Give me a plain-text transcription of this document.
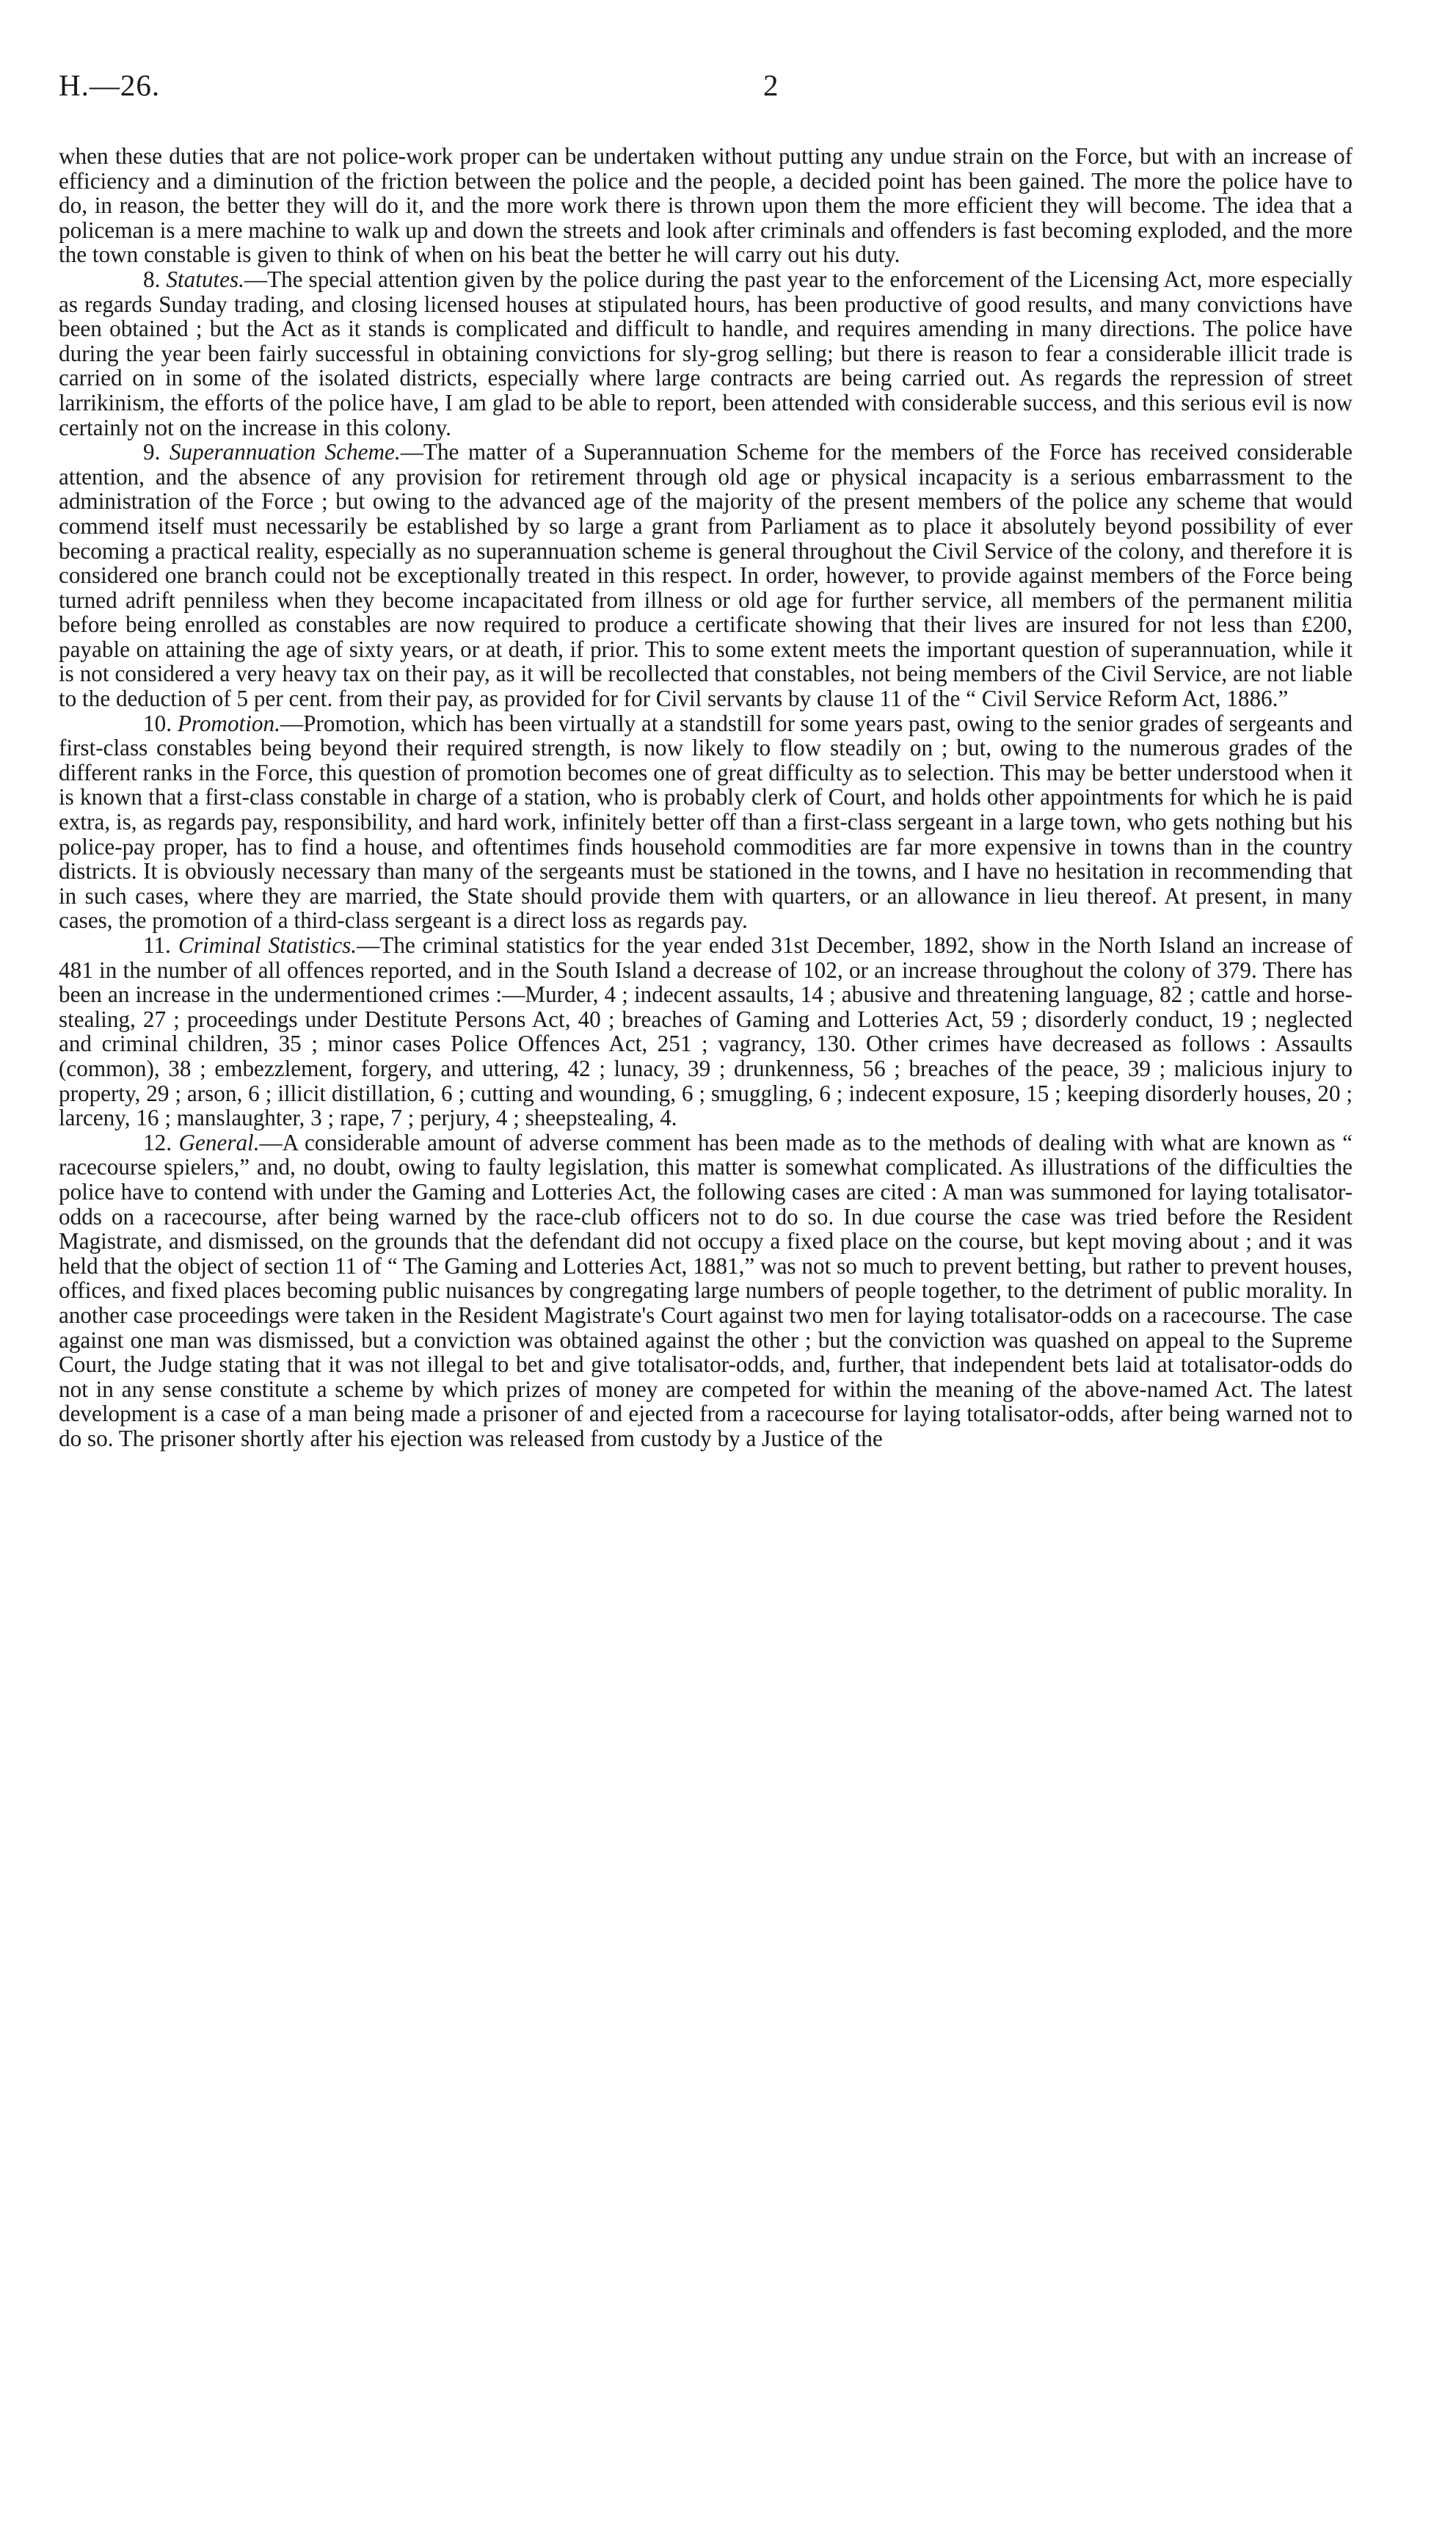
H.—26.	2

when these duties that are not police-work proper can be undertaken without putting any undue strain on the Force, but with an increase of efficiency and a diminution of the friction between the police and the people, a decided point has been gained. The more the police have to do, in reason, the better they will do it, and the more work there is thrown upon them the more efficient they will become. The idea that a policeman is a mere machine to walk up and down the streets and look after criminals and offenders is fast becoming exploded, and the more the town constable is given to think of when on his beat the better he will carry out his duty.

8. Statutes.—The special attention given by the police during the past year to the enforcement of the Licensing Act, more especially as regards Sunday trading, and closing licensed houses at stipulated hours, has been productive of good results, and many convictions have been obtained ; but the Act as it stands is complicated and difficult to handle, and requires amending in many directions. The police have during the year been fairly successful in obtaining convictions for sly-grog selling; but there is reason to fear a considerable illicit trade is carried on in some of the isolated districts, especially where large contracts are being carried out. As regards the repression of street larrikinism, the efforts of the police have, I am glad to be able to report, been attended with considerable success, and this serious evil is now certainly not on the increase in this colony.

9. Superannuation Scheme.—The matter of a Superannuation Scheme for the members of the Force has received considerable attention, and the absence of any provision for retirement through old age or physical incapacity is a serious embarrassment to the administration of the Force ; but owing to the advanced age of the majority of the present members of the police any scheme that would commend itself must necessarily be established by so large a grant from Parliament as to place it absolutely beyond possibility of ever becoming a practical reality, especially as no superannuation scheme is general throughout the Civil Service of the colony, and therefore it is considered one branch could not be exceptionally treated in this respect. In order, however, to provide against members of the Force being turned adrift penniless when they become incapacitated from illness or old age for further service, all members of the permanent militia before being enrolled as constables are now required to produce a certificate showing that their lives are insured for not less than £200, payable on attaining the age of sixty years, or at death, if prior. This to some extent meets the important question of superannuation, while it is not considered a very heavy tax on their pay, as it will be recollected that constables, not being members of the Civil Service, are not liable to the deduction of 5 per cent. from their pay, as provided for for Civil servants by clause 11 of the “ Civil Service Reform Act, 1886.”

10. Promotion.—Promotion, which has been virtually at a standstill for some years past, owing to the senior grades of sergeants and first-class constables being beyond their required strength, is now likely to flow steadily on ; but, owing to the numerous grades of the different ranks in the Force, this question of promotion becomes one of great difficulty as to selection. This may be better understood when it is known that a first-class constable in charge of a station, who is probably clerk of Court, and holds other appointments for which he is paid extra, is, as regards pay, responsibility, and hard work, infinitely better off than a first-class sergeant in a large town, who gets nothing but his police-pay proper, has to find a house, and oftentimes finds household commodities are far more expensive in towns than in the country districts. It is obviously necessary than many of the sergeants must be stationed in the towns, and I have no hesitation in recommending that in such cases, where they are married, the State should provide them with quarters, or an allowance in lieu thereof. At present, in many cases, the promotion of a third-class sergeant is a direct loss as regards pay.

11. Criminal Statistics.—The criminal statistics for the year ended 31st December, 1892, show in the North Island an increase of 481 in the number of all offences reported, and in the South Island a decrease of 102, or an increase throughout the colony of 379. There has been an increase in the undermentioned crimes :—Murder, 4 ; indecent assaults, 14 ; abusive and threatening language, 82 ; cattle and horse-stealing, 27 ; proceedings under Destitute Persons Act, 40 ; breaches of Gaming and Lotteries Act, 59 ; disorderly conduct, 19 ; neglected and criminal children, 35 ; minor cases Police Offences Act, 251 ; vagrancy, 130. Other crimes have decreased as follows : Assaults (common), 38 ; embezzlement, forgery, and uttering, 42 ; lunacy, 39 ; drunkenness, 56 ; breaches of the peace, 39 ; malicious injury to property, 29 ; arson, 6 ; illicit distillation, 6 ; cutting and wounding, 6 ; smuggling, 6 ; indecent exposure, 15 ; keeping disorderly houses, 20 ; larceny, 16 ; manslaughter, 3 ; rape, 7 ; perjury, 4 ; sheepstealing, 4.

12. General.—A considerable amount of adverse comment has been made as to the methods of dealing with what are known as “ racecourse spielers,” and, no doubt, owing to faulty legislation, this matter is somewhat complicated. As illustrations of the difficulties the police have to contend with under the Gaming and Lotteries Act, the following cases are cited : A man was summoned for laying totalisator-odds on a racecourse, after being warned by the race-club officers not to do so. In due course the case was tried before the Resident Magistrate, and dismissed, on the grounds that the defendant did not occupy a fixed place on the course, but kept moving about ; and it was held that the object of section 11 of “ The Gaming and Lotteries Act, 1881,” was not so much to prevent betting, but rather to prevent houses, offices, and fixed places becoming public nuisances by congregating large numbers of people together, to the detriment of public morality. In another case proceedings were taken in the Resident Magistrate's Court against two men for laying totalisator-odds on a racecourse. The case against one man was dismissed, but a conviction was obtained against the other ; but the conviction was quashed on appeal to the Supreme Court, the Judge stating that it was not illegal to bet and give totalisator-odds, and, further, that independent bets laid at totalisator-odds do not in any sense constitute a scheme by which prizes of money are competed for within the meaning of the above-named Act. The latest development is a case of a man being made a prisoner of and ejected from a racecourse for laying totalisator-odds, after being warned not to do so. The prisoner shortly after his ejection was released from custody by a Justice of the
